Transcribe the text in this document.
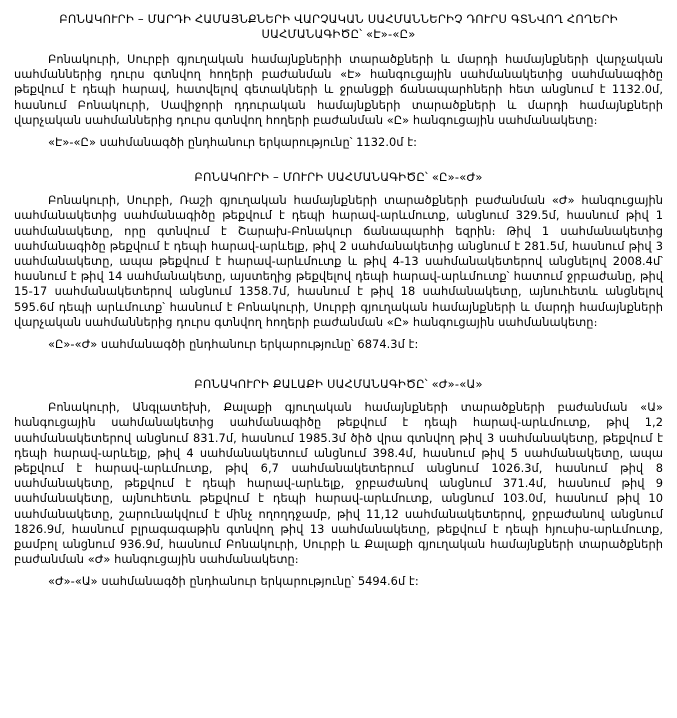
ԲՈՆԱԿՈՒՐԻ – ՄԱՐԴԻ ՀԱՄԱՅՆՔՆԵՐԻ ՎԱՐՉԱԿԱՆ ՍԱՀՄԱՆՆԵՐԻՉ ԴՈՒՐՍ ԳՏՆՎՈՂ ՀՈՂԵՐԻ ՍԱՀՄԱՆԱԳԻԾԸ՝ «Է»-«Ը»

Բոնակուրի, Սուրբի գյուղական համայնքներիի տարածքների և մարդի համայնքների վարչական սահմաններից դուրս գտնվող հողերի բաժանման «Է» հանգուցային սահմանակետից սահմանագիծը թեքվում է դեպի հարավ, հատվելով գետակների և ջրանցքի ճանապարհների հետ անցնում է 1132.0մ, հասնում Բոնակուրի, Սավիջորի դդուրական համայնքների տարածքների և մարդի համայնքների վարչական սահմաններից դուրս գտնվող հողերի բաժանման «Ը» հանգուցային սահմանակետը։

«Է»-«Ը» սահմանագծի ընդհանուր երկարությունը՝ 1132.0մ է:

ԲՈՆԱԿՈՒՐԻ – ՄՈՒՐԻ ՍԱՀՄԱՆԱԳԻԾԸ՝ «Ը»-«Ժ»

Բոնակուրի, Սուրբի, Ռաշի գյուղական համայնքների տարածքների բաժանման «Ժ» հանգուցային սահմանակետից սահմանագիծը թեքվում է դեպի հարավ-արևմուտք, անցնում 329.5մ, հասնում թիվ 1 սահմանակետը, որը գտնվում է Շարախ-Բոնակուր ճանապարհի եզրին։ Թիվ 1 սահմանակետից սահմանագիծը թեքվում է դեպի հարավ-արևելք, թիվ 2 սահմանակետից անցնում է 281.5մ, հասնում թիվ 3 սահմանակետը, ապա թեքվում է հարավ-արևմուտք և թիվ 4-13 սահմանակետերով անցնելով 2008.4մ՝ հասնում է թիվ 14 սահմանակետը, այստեղից թեքվելով դեպի հարավ-արևմուտք՝ հատում ջրբաժանը, թիվ 15-17 սահմանակետերով անցնում 1358.7մ, հասնում է թիվ 18 սահմանակետը, այնուհետև անցնելով 595.6մ դեպի արևմուտք՝ հասնում է Բոնակուրի, Սուրբի գյուղական համայնքների և մարդի համայնքների վարչական սահմաններից դուրս գտնվող հողերի բաժանման «Ը» հանգուցային սահմանակետը։

«Ը»-«Ժ» սահմանագծի ընդհանուր երկարությունը՝ 6874.3մ է:

ԲՈՆԱԿՈՒՐԻ ՔԱԼԱՔԻ ՍԱՀՄԱՆԱԳԻԾԸ՝ «Ժ»-«Ա»

Բոնակուրի, Անգլատեխի, Քալաքի գյուղական համայնքների տարածքների բաժանման «Ա» հանգուցային սահմանակետից սահմանագիծը թեքվում է դեպի հարավ-արևմուտք, թիվ 1,2 սահմանակետերով անցնում 831.7մ, հասնում 1985.3մ ծիծ վրա գտնվող թիվ 3 սահմանակետը, թեքվում է դեպի հարավ-արևելք, թիվ 4 սահմանակետում անցնում 398.4մ, հասնում թիվ 5 սահմանակետը, ապա թեքվում է հարավ-արևմուտք, թիվ 6,7 սահմանակետերում անցնում 1026.3մ, հասնում թիվ 8 սահմանակետը, թեքվում է դեպի հարավ-արևելք, ջրբաժանով անցնում 371.4մ, հասնում թիվ 9 սահմանակետը, այնուհետև թեքվում է դեպի հարավ-արևմուտք, անցնում 103.0մ, հասնում թիվ 10 սահմանակետը, շարունակվում է մինչ ողողդջամբ, թիվ 11,12 սահմանակետերով, ջրբաժանով անցնում 1826.9մ, հասնում բլրագագաթին գտնվող թիվ 13 սահմանակետը, թեքվում է դեպի հյուսիս-արևմուտք, քամբոլ անցնում 936.9մ, հասնում Բոնակուրի, Սուրբի և Քալաքի գյուղական համայնքների տարածքների բաժանման «Ժ» հանգուցային սահմանակետը։

«Ժ»-«Ա» սահմանագծի ընդհանուր երկարությունը՝ 5494.6մ է:
